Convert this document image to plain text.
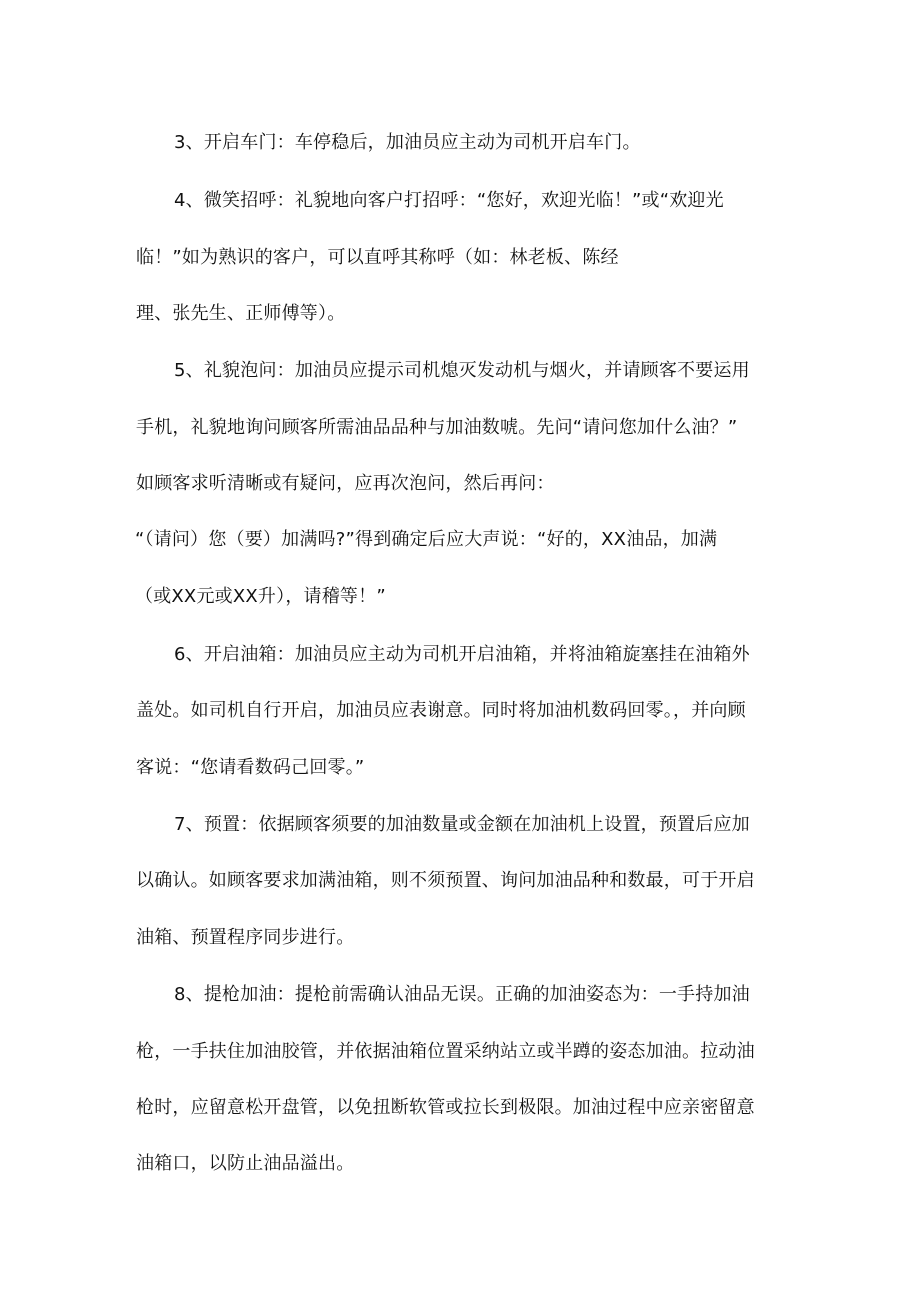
3、开启车门：车停稳后，加油员应主动为司机开启车门。
4、微笑招呼：礼貌地向客户打招呼：“您好，欢迎光临！”或“欢迎光
临！”如为熟识的客户，可以直呼其称呼（如：林老板、陈经
理、张先生、正师傅等）。
5、礼貌泡问：加油员应提示司机熄灭发动机与烟火，并请顾客不要运用
手机，礼貌地询问顾客所需油品品种与加油数唬。先问“请问您加什么油？”
如顾客求听清晰或有疑问，应再次泡问，然后再问：
“（请问）您（要）加满吗?”得到确定后应大声说：“好的，XX油品，加满
（或XX元或XX升），请稽等！”
6、开启油箱：加油员应主动为司机开启油箱，并将油箱旋塞挂在油箱外
盖处。如司机自行开启，加油员应表谢意。同时将加油机数码回零。，并向顾
客说：“您请看数码己回零。”
7、预置：依据顾客须要的加油数量或金额在加油机上设置，预置后应加
以确认。如顾客要求加满油箱，则不须预置、询问加油品种和数最，可于开启
油箱、预置程序同步进行。
8、提枪加油：提枪前需确认油品无误。正确的加油姿态为：一手持加油
枪，一手扶住加油胶管，并依据油箱位置采纳站立或半蹲的姿态加油。拉动油
枪时，应留意松开盘管，以免扭断软管或拉长到极限。加油过程中应亲密留意
油箱口，以防止油品溢出。
